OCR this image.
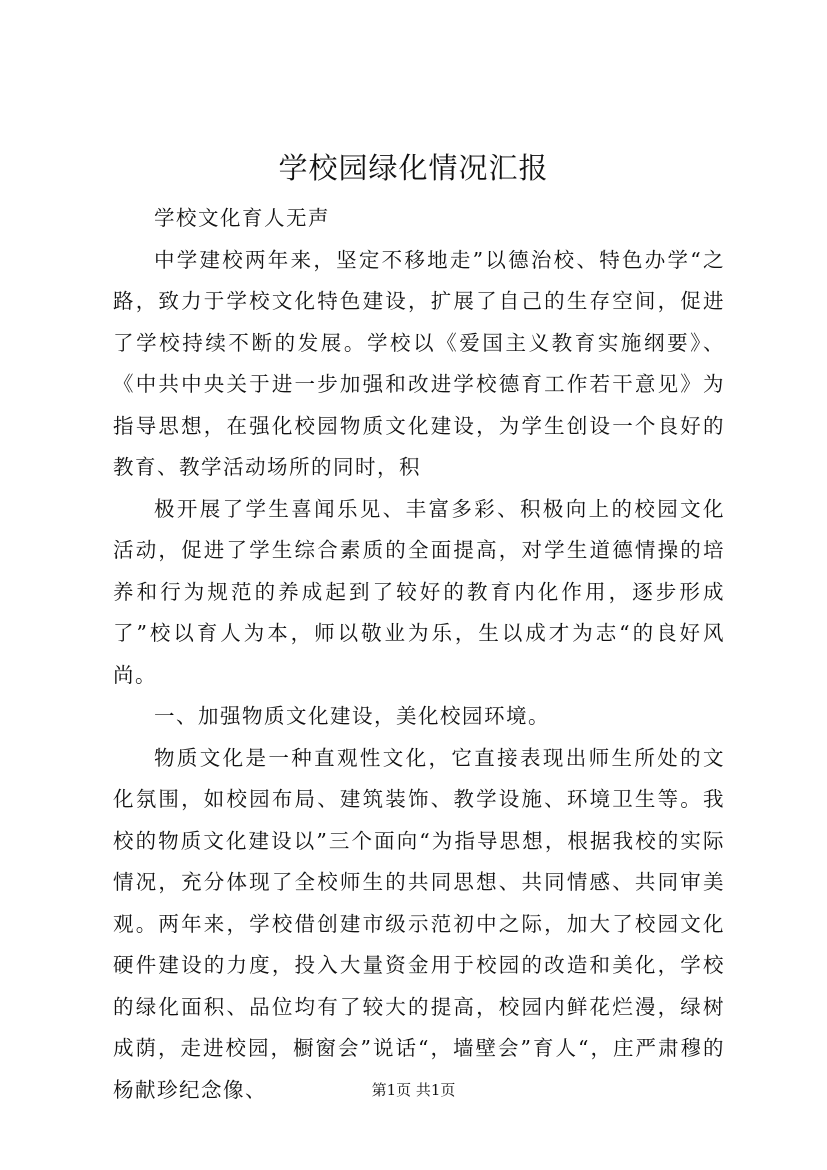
学校园绿化情况汇报

学校文化育人无声

中学建校两年来，坚定不移地走”以德治校、特色办学“之路，致力于学校文化特色建设，扩展了自己的生存空间，促进了学校持续不断的发展。学校以《爱国主义教育实施纲要》、《中共中央关于进一步加强和改进学校德育工作若干意见》为指导思想，在强化校园物质文化建设，为学生创设一个良好的教育、教学活动场所的同时，积

极开展了学生喜闻乐见、丰富多彩、积极向上的校园文化活动，促进了学生综合素质的全面提高，对学生道德情操的培养和行为规范的养成起到了较好的教育内化作用，逐步形成了”校以育人为本，师以敬业为乐，生以成才为志“的良好风尚。

一、加强物质文化建设，美化校园环境。

物质文化是一种直观性文化，它直接表现出师生所处的文化氛围，如校园布局、建筑装饰、教学设施、环境卫生等。我校的物质文化建设以”三个面向“为指导思想，根据我校的实际情况，充分体现了全校师生的共同思想、共同情感、共同审美观。两年来，学校借创建市级示范初中之际，加大了校园文化硬件建设的力度，投入大量资金用于校园的改造和美化，学校的绿化面积、品位均有了较大的提高，校园内鲜花烂漫，绿树成荫，走进校园，橱窗会”说话“，墙壁会”育人“，庄严肃穆的杨献珍纪念像、	第1页 共1页
